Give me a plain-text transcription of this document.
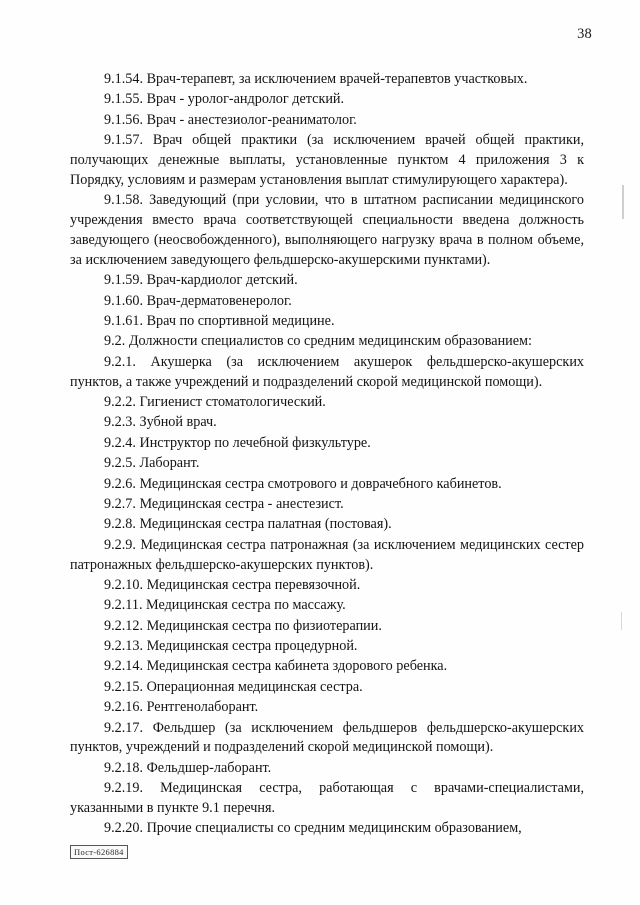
38

9.1.54. Врач-терапевт, за исключением врачей-терапевтов участковых.

9.1.55. Врач - уролог-андролог детский.

9.1.56. Врач - анестезиолог-реаниматолог.

9.1.57. Врач общей практики (за исключением врачей общей практики, получающих денежные выплаты, установленные пунктом 4 приложения 3 к Порядку, условиям и размерам установления выплат стимулирующего характера).

9.1.58. Заведующий (при условии, что в штатном расписании медицинского учреждения вместо врача соответствующей специальности введена должность заведующего (неосвобожденного), выполняющего нагрузку врача в полном объеме, за исключением заведующего фельдшерско-акушерскими пунктами).

9.1.59. Врач-кардиолог детский.

9.1.60. Врач-дерматовенеролог.

9.1.61. Врач по спортивной медицине.

9.2. Должности специалистов со средним медицинским образованием:

9.2.1. Акушерка (за исключением акушерок фельдшерско-акушерских пунктов, а также учреждений и подразделений скорой медицинской помощи).

9.2.2. Гигиенист стоматологический.

9.2.3. Зубной врач.

9.2.4. Инструктор по лечебной физкультуре.

9.2.5. Лаборант.

9.2.6. Медицинская сестра смотрового и доврачебного кабинетов.

9.2.7. Медицинская сестра - анестезист.

9.2.8. Медицинская сестра палатная (постовая).

9.2.9. Медицинская сестра патронажная (за исключением медицинских сестер патронажных фельдшерско-акушерских пунктов).

9.2.10. Медицинская сестра перевязочной.

9.2.11. Медицинская сестра по массажу.

9.2.12. Медицинская сестра по физиотерапии.

9.2.13. Медицинская сестра процедурной.

9.2.14. Медицинская сестра кабинета здорового ребенка.

9.2.15. Операционная медицинская сестра.

9.2.16. Рентгенолаборант.

9.2.17. Фельдшер (за исключением фельдшеров фельдшерско-акушерских пунктов, учреждений и подразделений скорой медицинской помощи).

9.2.18. Фельдшер-лаборант.

9.2.19. Медицинская сестра, работающая с врачами-специалистами, указанными в пункте 9.1 перечня.

9.2.20. Прочие специалисты со средним медицинским образованием,

Пост-626884
